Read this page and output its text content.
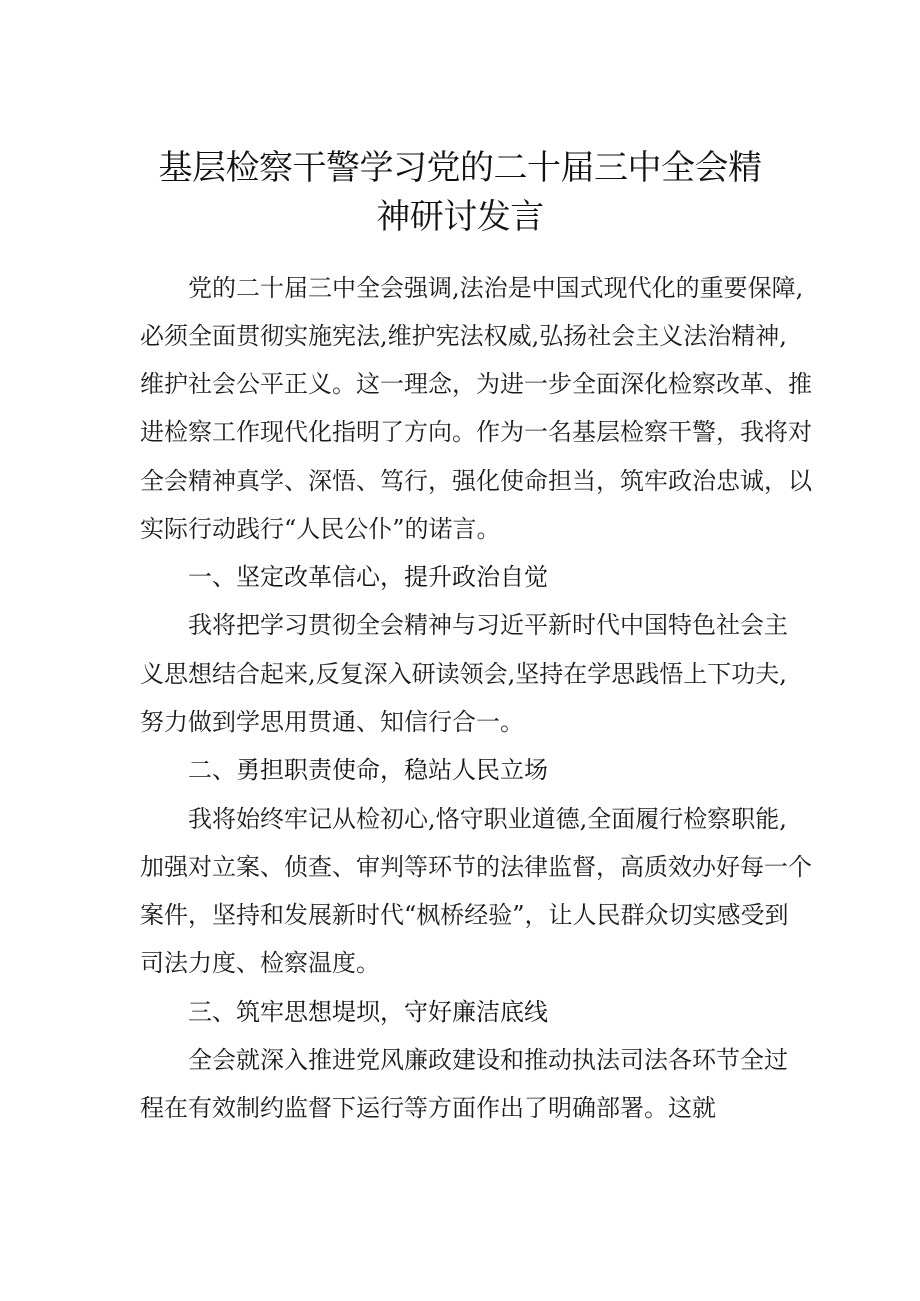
基层检察干警学习党的二十届三中全会精
神研讨发言
党的二十届三中全会强调,法治是中国式现代化的重要保障,
必须全面贯彻实施宪法,维护宪法权威,弘扬社会主义法治精神,
维护社会公平正义。这一理念，为进一步全面深化检察改革、推
进检察工作现代化指明了方向。作为一名基层检察干警，我将对
全会精神真学、深悟、笃行，强化使命担当，筑牢政治忠诚，以
实际行动践行“人民公仆”的诺言。
一、坚定改革信心，提升政治自觉
我将把学习贯彻全会精神与习近平新时代中国特色社会主
义思想结合起来,反复深入研读领会,坚持在学思践悟上下功夫,
努力做到学思用贯通、知信行合一。
二、勇担职责使命，稳站人民立场
我将始终牢记从检初心,恪守职业道德,全面履行检察职能,
加强对立案、侦查、审判等环节的法律监督，高质效办好每一个
案件，坚持和发展新时代“枫桥经验”，让人民群众切实感受到
司法力度、检察温度。
三、筑牢思想堤坝，守好廉洁底线
全会就深入推进党风廉政建设和推动执法司法各环节全过
程在有效制约监督下运行等方面作出了明确部署。这就
